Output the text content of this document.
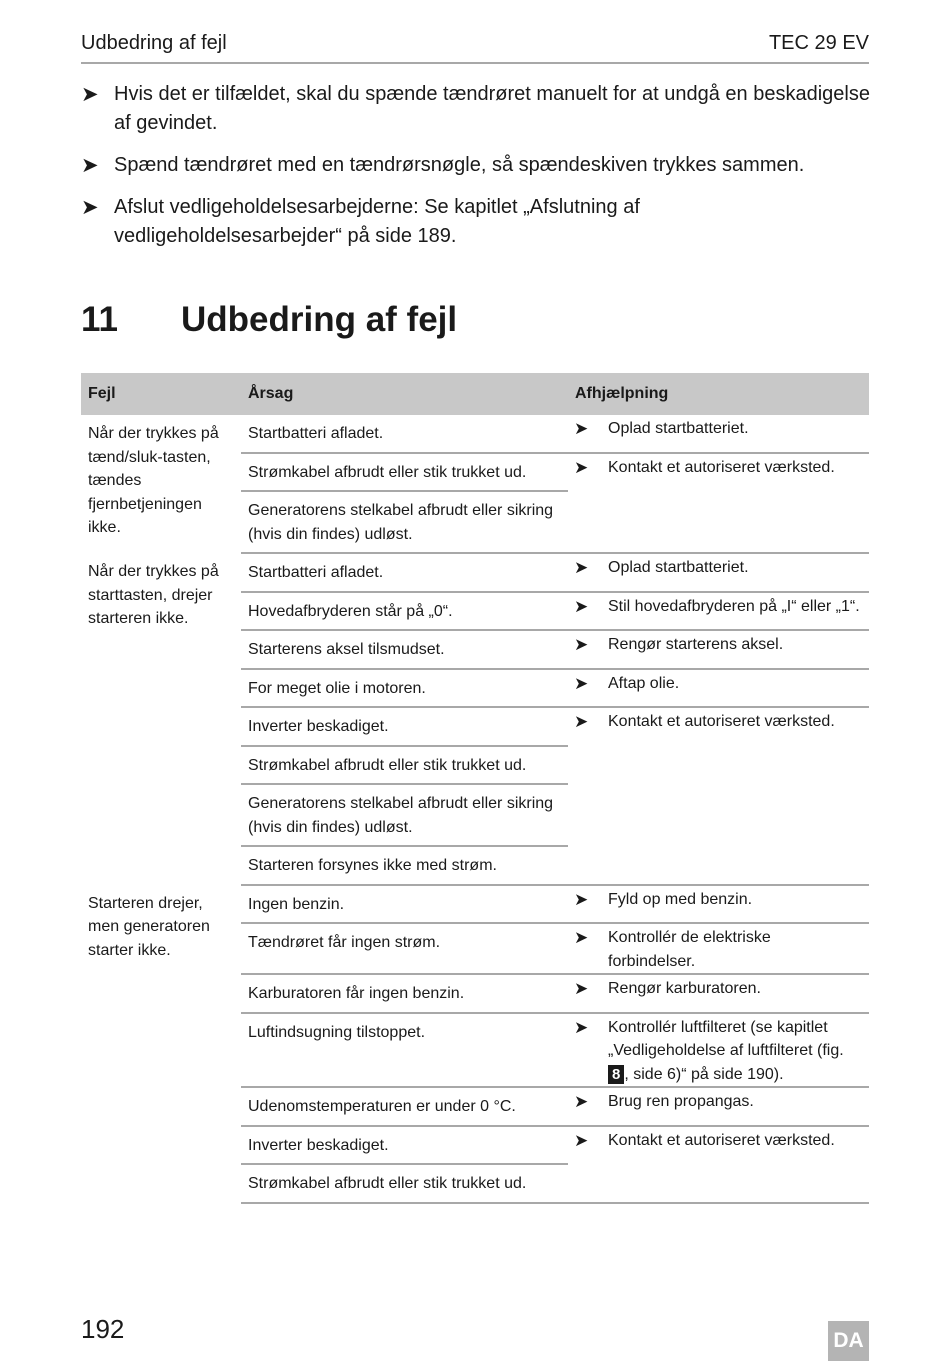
Udbedring af fejl	TEC 29 EV
➤ Hvis det er tilfældet, skal du spænde tændrøret manuelt for at undgå en beskadigelse af gevindet.
➤ Spænd tændrøret med en tændrørsnøgle, så spændeskiven trykkes sammen.
➤ Afslut vedligeholdelsesarbejderne: Se kapitlet „Afslutning af vedligeholdelsesarbejder“ på side 189.
11 Udbedring af fejl
Fejl	Årsag	Afhjælpning
Når der trykkes på tænd/sluk-tasten, tændes fjernbetjeningen ikke.	Startbatteri afladet.	➤ Oplad startbatteriet.
	Strømkabel afbrudt eller stik trukket ud.	➤ Kontakt et autoriseret værksted.
	Generatorens stelkabel afbrudt eller sikring (hvis din findes) udløst.	
Når der trykkes på starttasten, drejer starteren ikke.	Startbatteri afladet.	➤ Oplad startbatteriet.
	Hovedafbryderen står på „0“.	➤ Stil hovedafbryderen på „I“ eller „1“.
	Starterens aksel tilsmudset.	➤ Rengør starterens aksel.
	For meget olie i motoren.	➤ Aftap olie.
	Inverter beskadiget.	➤ Kontakt et autoriseret værksted.
	Strømkabel afbrudt eller stik trukket ud.	
	Generatorens stelkabel afbrudt eller sikring (hvis din findes) udløst.	
	Starteren forsynes ikke med strøm.	
Starteren drejer, men generatoren starter ikke.	Ingen benzin.	➤ Fyld op med benzin.
	Tændrøret får ingen strøm.	➤ Kontrollér de elektriske forbindelser.
	Karburatoren får ingen benzin.	➤ Rengør karburatoren.
	Luftindsugning tilstoppet.	➤ Kontrollér luftfilteret (se kapitlet „Vedligeholdelse af luftfilteret (fig. 8 , side 6)“ på side 190).
	Udenomstemperaturen er under 0 °C.	➤ Brug ren propangas.
	Inverter beskadiget.	➤ Kontakt et autoriseret værksted.
	Strømkabel afbrudt eller stik trukket ud.	
192	DA
